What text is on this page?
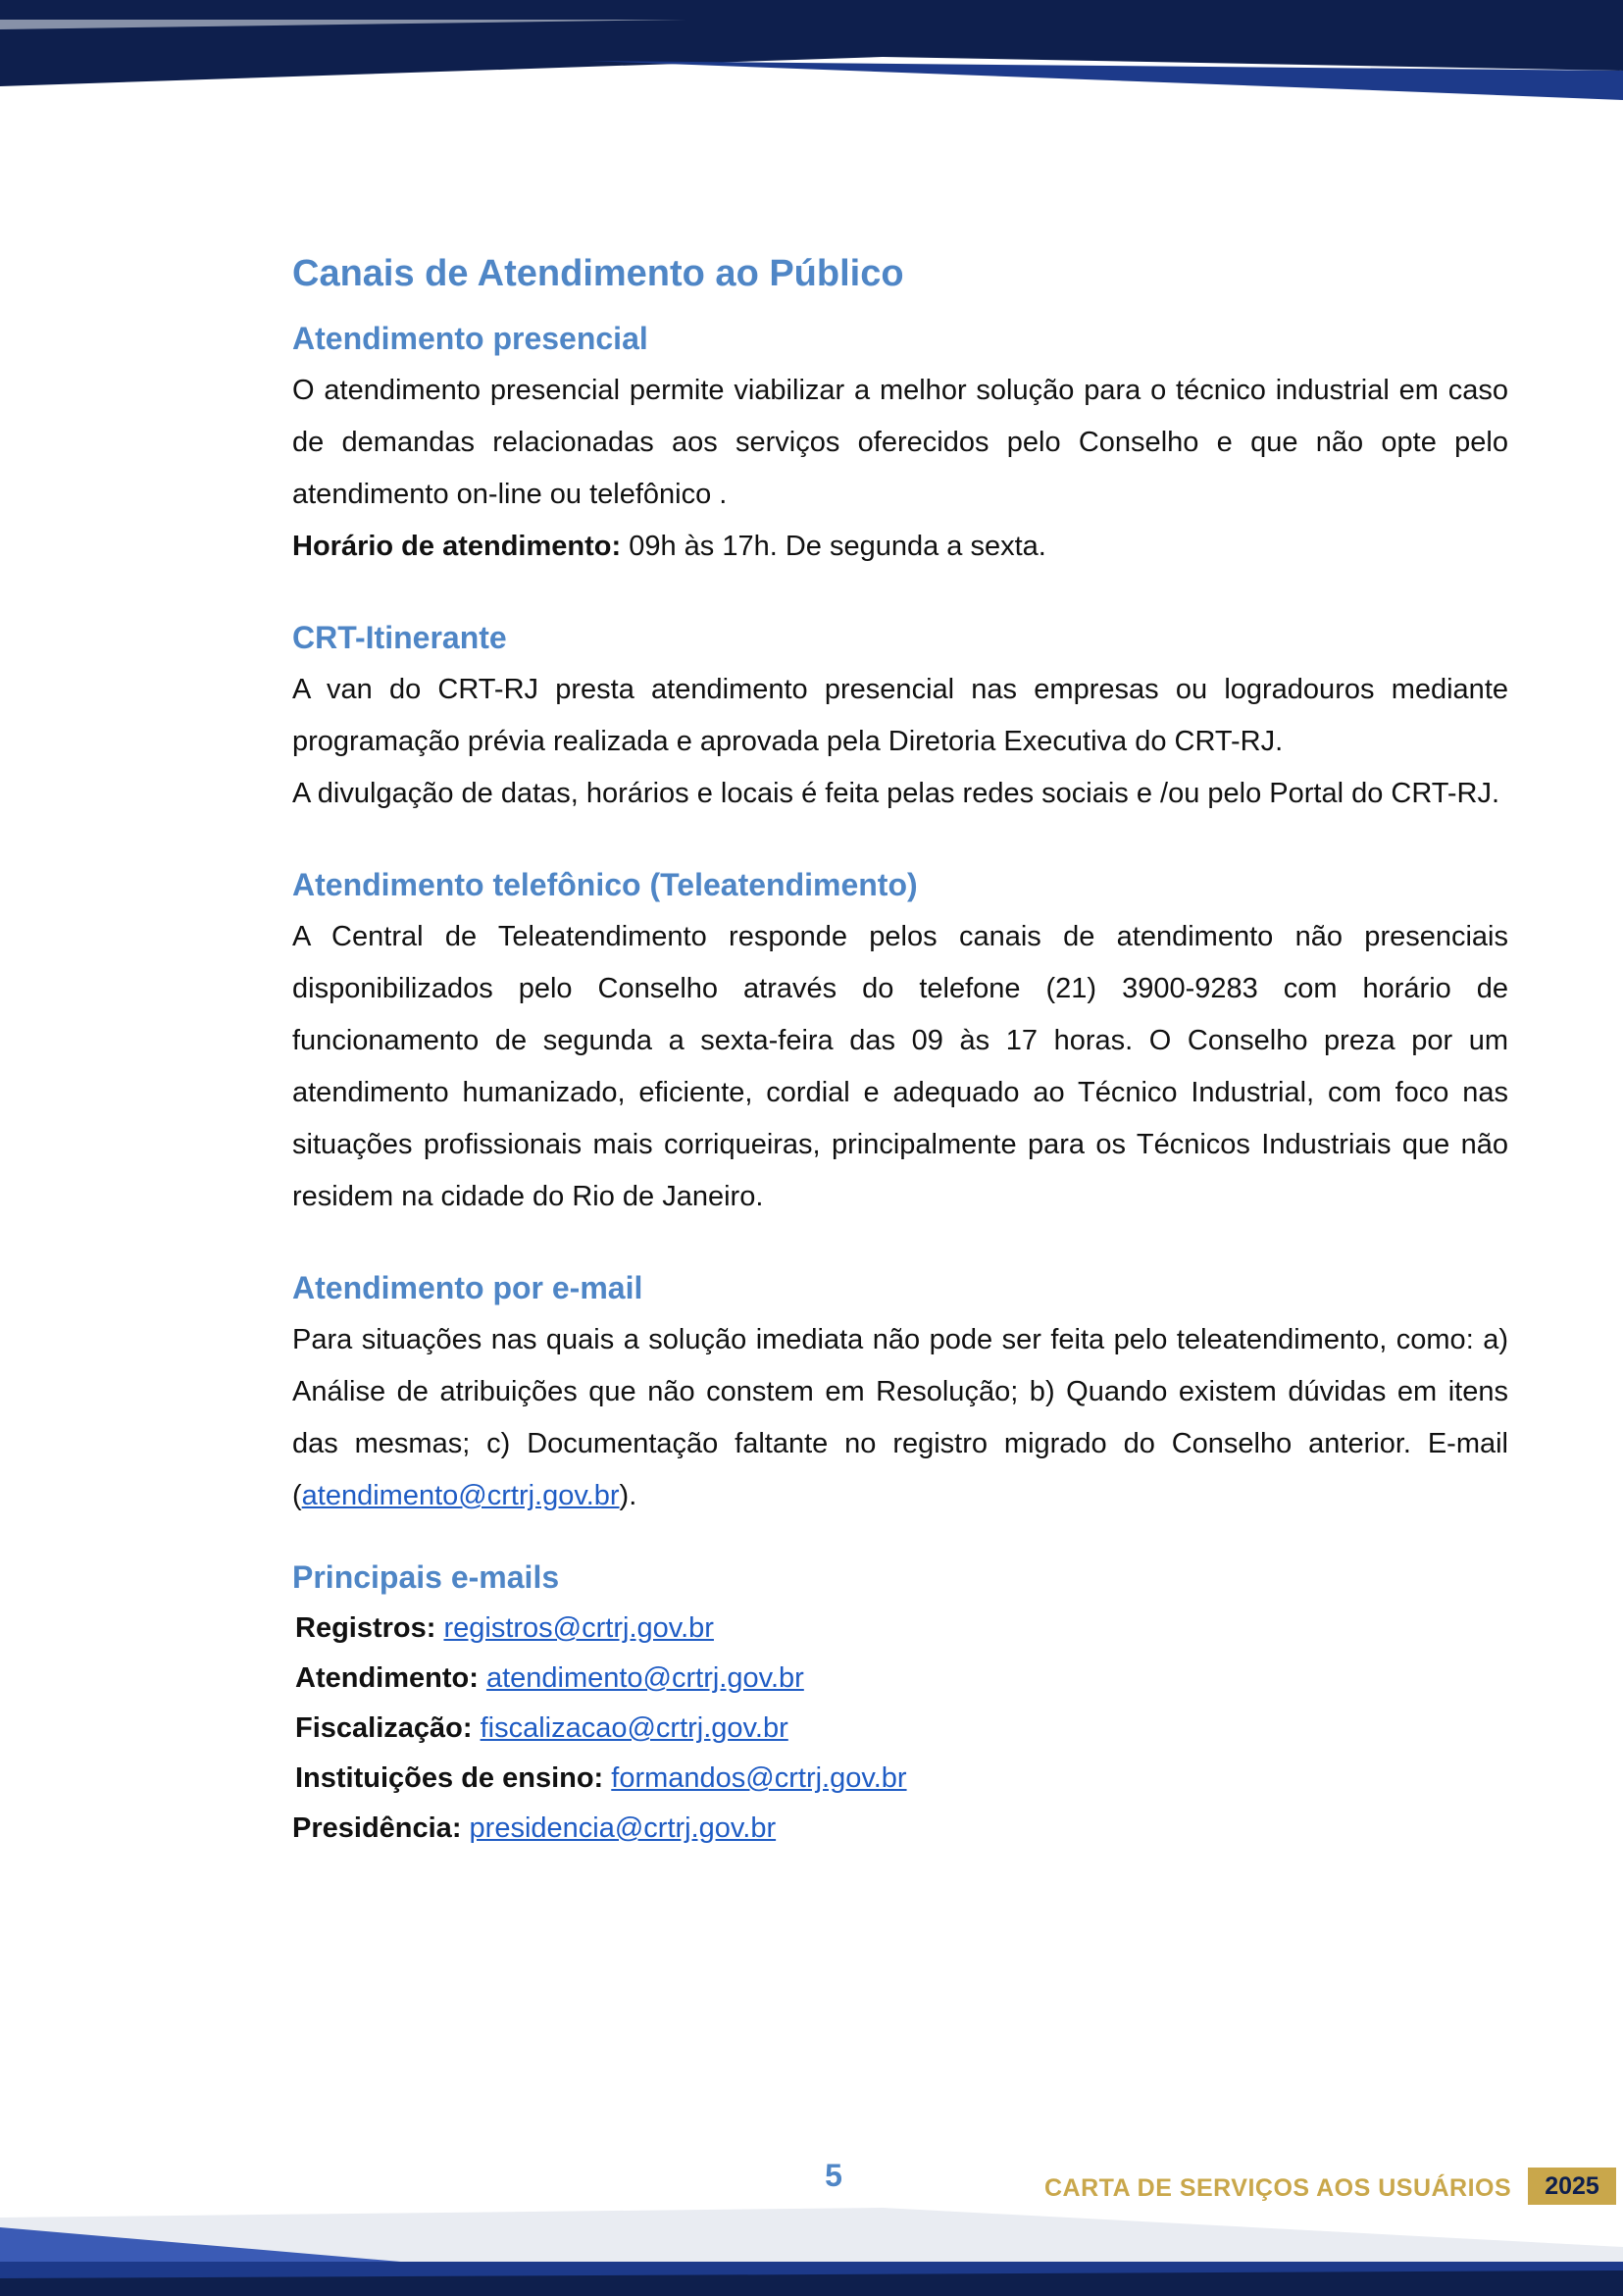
Canais de Atendimento ao Público
Atendimento presencial

O atendimento presencial permite viabilizar a melhor solução para o técnico industrial em caso de demandas relacionadas aos serviços oferecidos pelo Conselho e que não opte pelo atendimento on-line ou telefônico .

Horário de atendimento: 09h às 17h. De segunda a sexta.

CRT-Itinerante

A van do CRT-RJ presta atendimento presencial nas empresas ou logradouros mediante programação prévia realizada e aprovada pela Diretoria Executiva do CRT-RJ.

A divulgação de datas, horários e locais é feita pelas redes sociais e /ou pelo Portal do CRT-RJ.

Atendimento telefônico (Teleatendimento)

A Central de Teleatendimento responde pelos canais de atendimento não presenciais disponibilizados pelo Conselho através do telefone (21) 3900-9283 com horário de funcionamento de segunda a sexta-feira das 09 às 17 horas. O Conselho preza por um atendimento humanizado, eficiente, cordial e adequado ao Técnico Industrial, com foco nas situações profissionais mais corriqueiras, principalmente para os Técnicos Industriais que não residem na cidade do Rio de Janeiro.

Atendimento por e-mail

Para situações nas quais a solução imediata não pode ser feita pelo teleatendimento, como: a) Análise de atribuições que não constem em Resolução; b) Quando existem dúvidas em itens das mesmas; c) Documentação faltante no registro migrado do Conselho anterior. E-mail (atendimento@crtrj.gov.br).

Principais e-mails
Registros: registros@crtrj.gov.br
Atendimento: atendimento@crtrj.gov.br
Fiscalização: fiscalizacao@crtrj.gov.br
Instituições de ensino: formandos@crtrj.gov.br
Presidência: presidencia@crtrj.gov.br
5	CARTA DE SERVIÇOS AOS USUÁRIOS	2025
